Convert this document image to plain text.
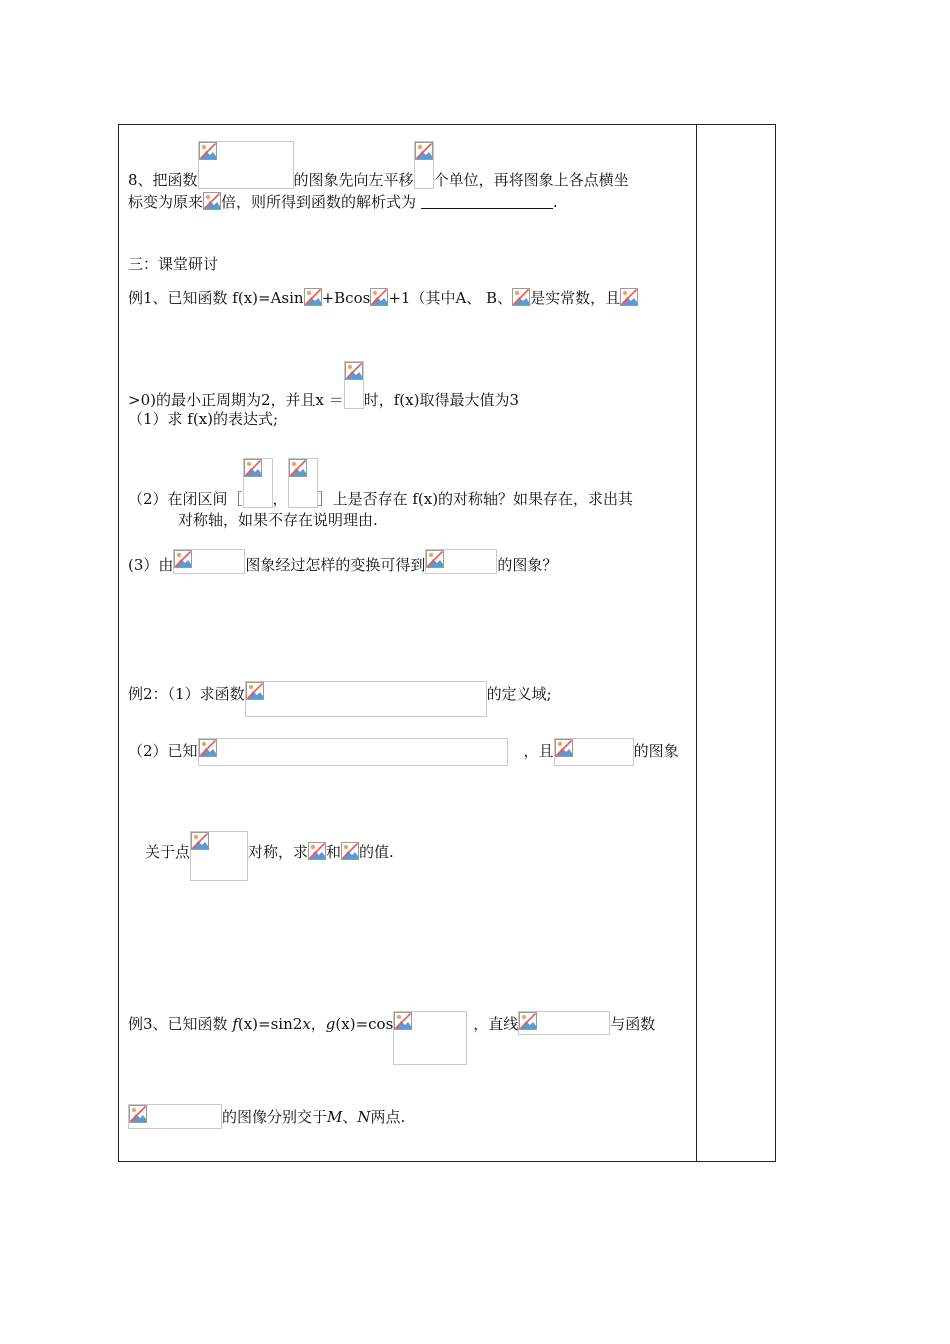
8、把函数	的图象先向左平移 个单位，再将图象上各点横坐
标变为原来 倍，则所得到函数的解析式为	.
三：课堂研讨
例1、已知函数 f(x)=Asin +Bcos +1（其中A、 B、 是实常数，且
>0)的最小正周期为2，并且x ＝ 时，f(x)取得最大值为3
（1）求 f(x)的表达式;
（2）在闭区间［ ， ］上是否存在 f(x)的对称轴？如果存在，求出其
对称轴，如果不存在说明理由.
(3）由	图象经过怎样的变换可得到	的图象？
例2：（1）求函数	的定义域;
（2）已知	，且	的图象
关于点	对称，求 和 的值.
例3、已知函数 f(x)=sin2x，g(x)=cos	，直线	与函数
的图像分别交于M、N两点.
